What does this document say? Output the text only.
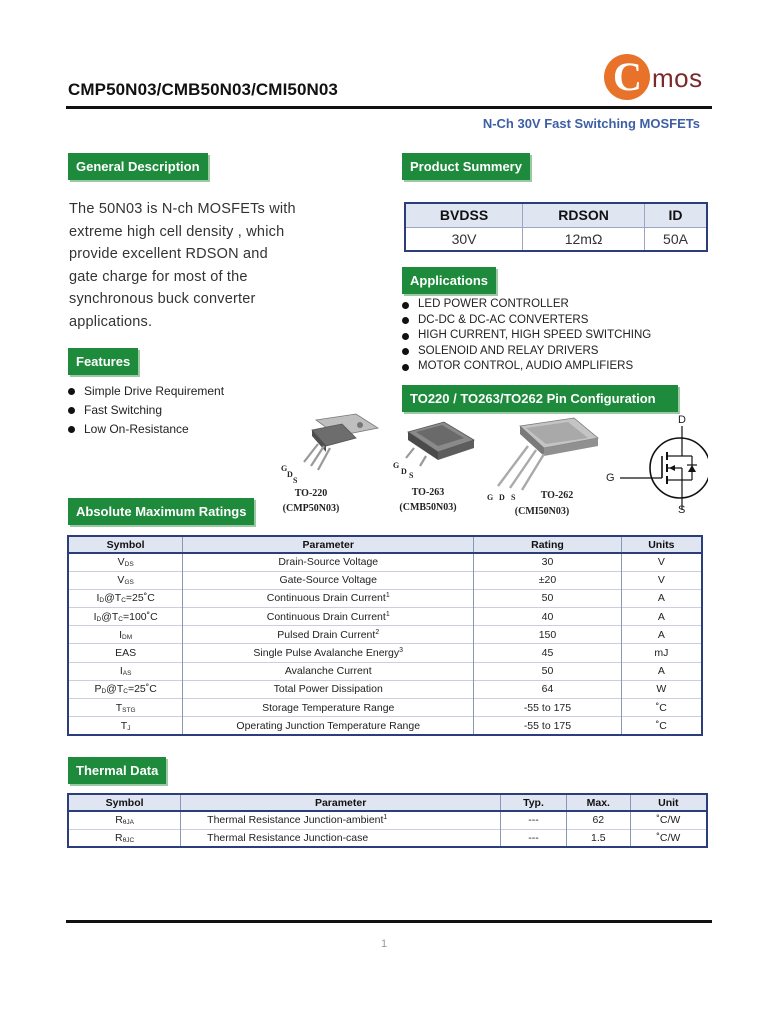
CMP50N03/CMB50N03/CMI50N03	C mos
N-Ch 30V Fast Switching MOSFETs
General Description
The 50N03 is N-ch MOSFETs with extreme high cell density , which provide excellent RDSON and gate charge for most of the synchronous buck converter applications.
Features
Simple Drive Requirement
Fast Switching
Low On-Resistance
Product Summery
BVDSS	RDSON	ID
30V	12mΩ	50A
Applications
LED POWER CONTROLLER
DC-DC & DC-AC CONVERTERS
HIGH CURRENT, HIGH SPEED SWITCHING
SOLENOID AND RELAY DRIVERS
MOTOR CONTROL, AUDIO AMPLIFIERS
TO220 / TO263/TO262 Pin Configuration
G
D
S
TO-220
(CMP50N03)
G
D S
TO-263
(CMB50N03)
G D S	TO-262
(CMI50N03)
D
G
S
Absolute Maximum Ratings
Symbol	Parameter	Rating	Units
$V_{DS}$	Drain-Source Voltage	30	V
$V_{GS}$	Gate-Source Voltage	±20	V
$I_D@T_C=25˚C$	Continuous Drain Current$^1$	50	A
$I_D@T_C=100˚C$	Continuous Drain Current$^1$	40	A
$I_{DM}$	Pulsed Drain Current$^2$	150	A
EAS	Single Pulse Avalanche Energy$^3$	45	mJ
$I_{AS}$	Avalanche Current	50	A
$P_D@T_C=25˚C$	Total Power Dissipation	64	W
$T_{STG}$	Storage Temperature Range	-55 to 175	˚C
$T_J$	Operating Junction Temperature Range	-55 to 175	˚C
Thermal Data
Symbol	Parameter	Typ.	Max.	Unit
$R_{\theta JA}$	Thermal Resistance Junction-ambient$^1$	---	62	˚C/W
$R_{\theta JC}$	Thermal Resistance Junction-case	---	1.5	˚C/W
1
